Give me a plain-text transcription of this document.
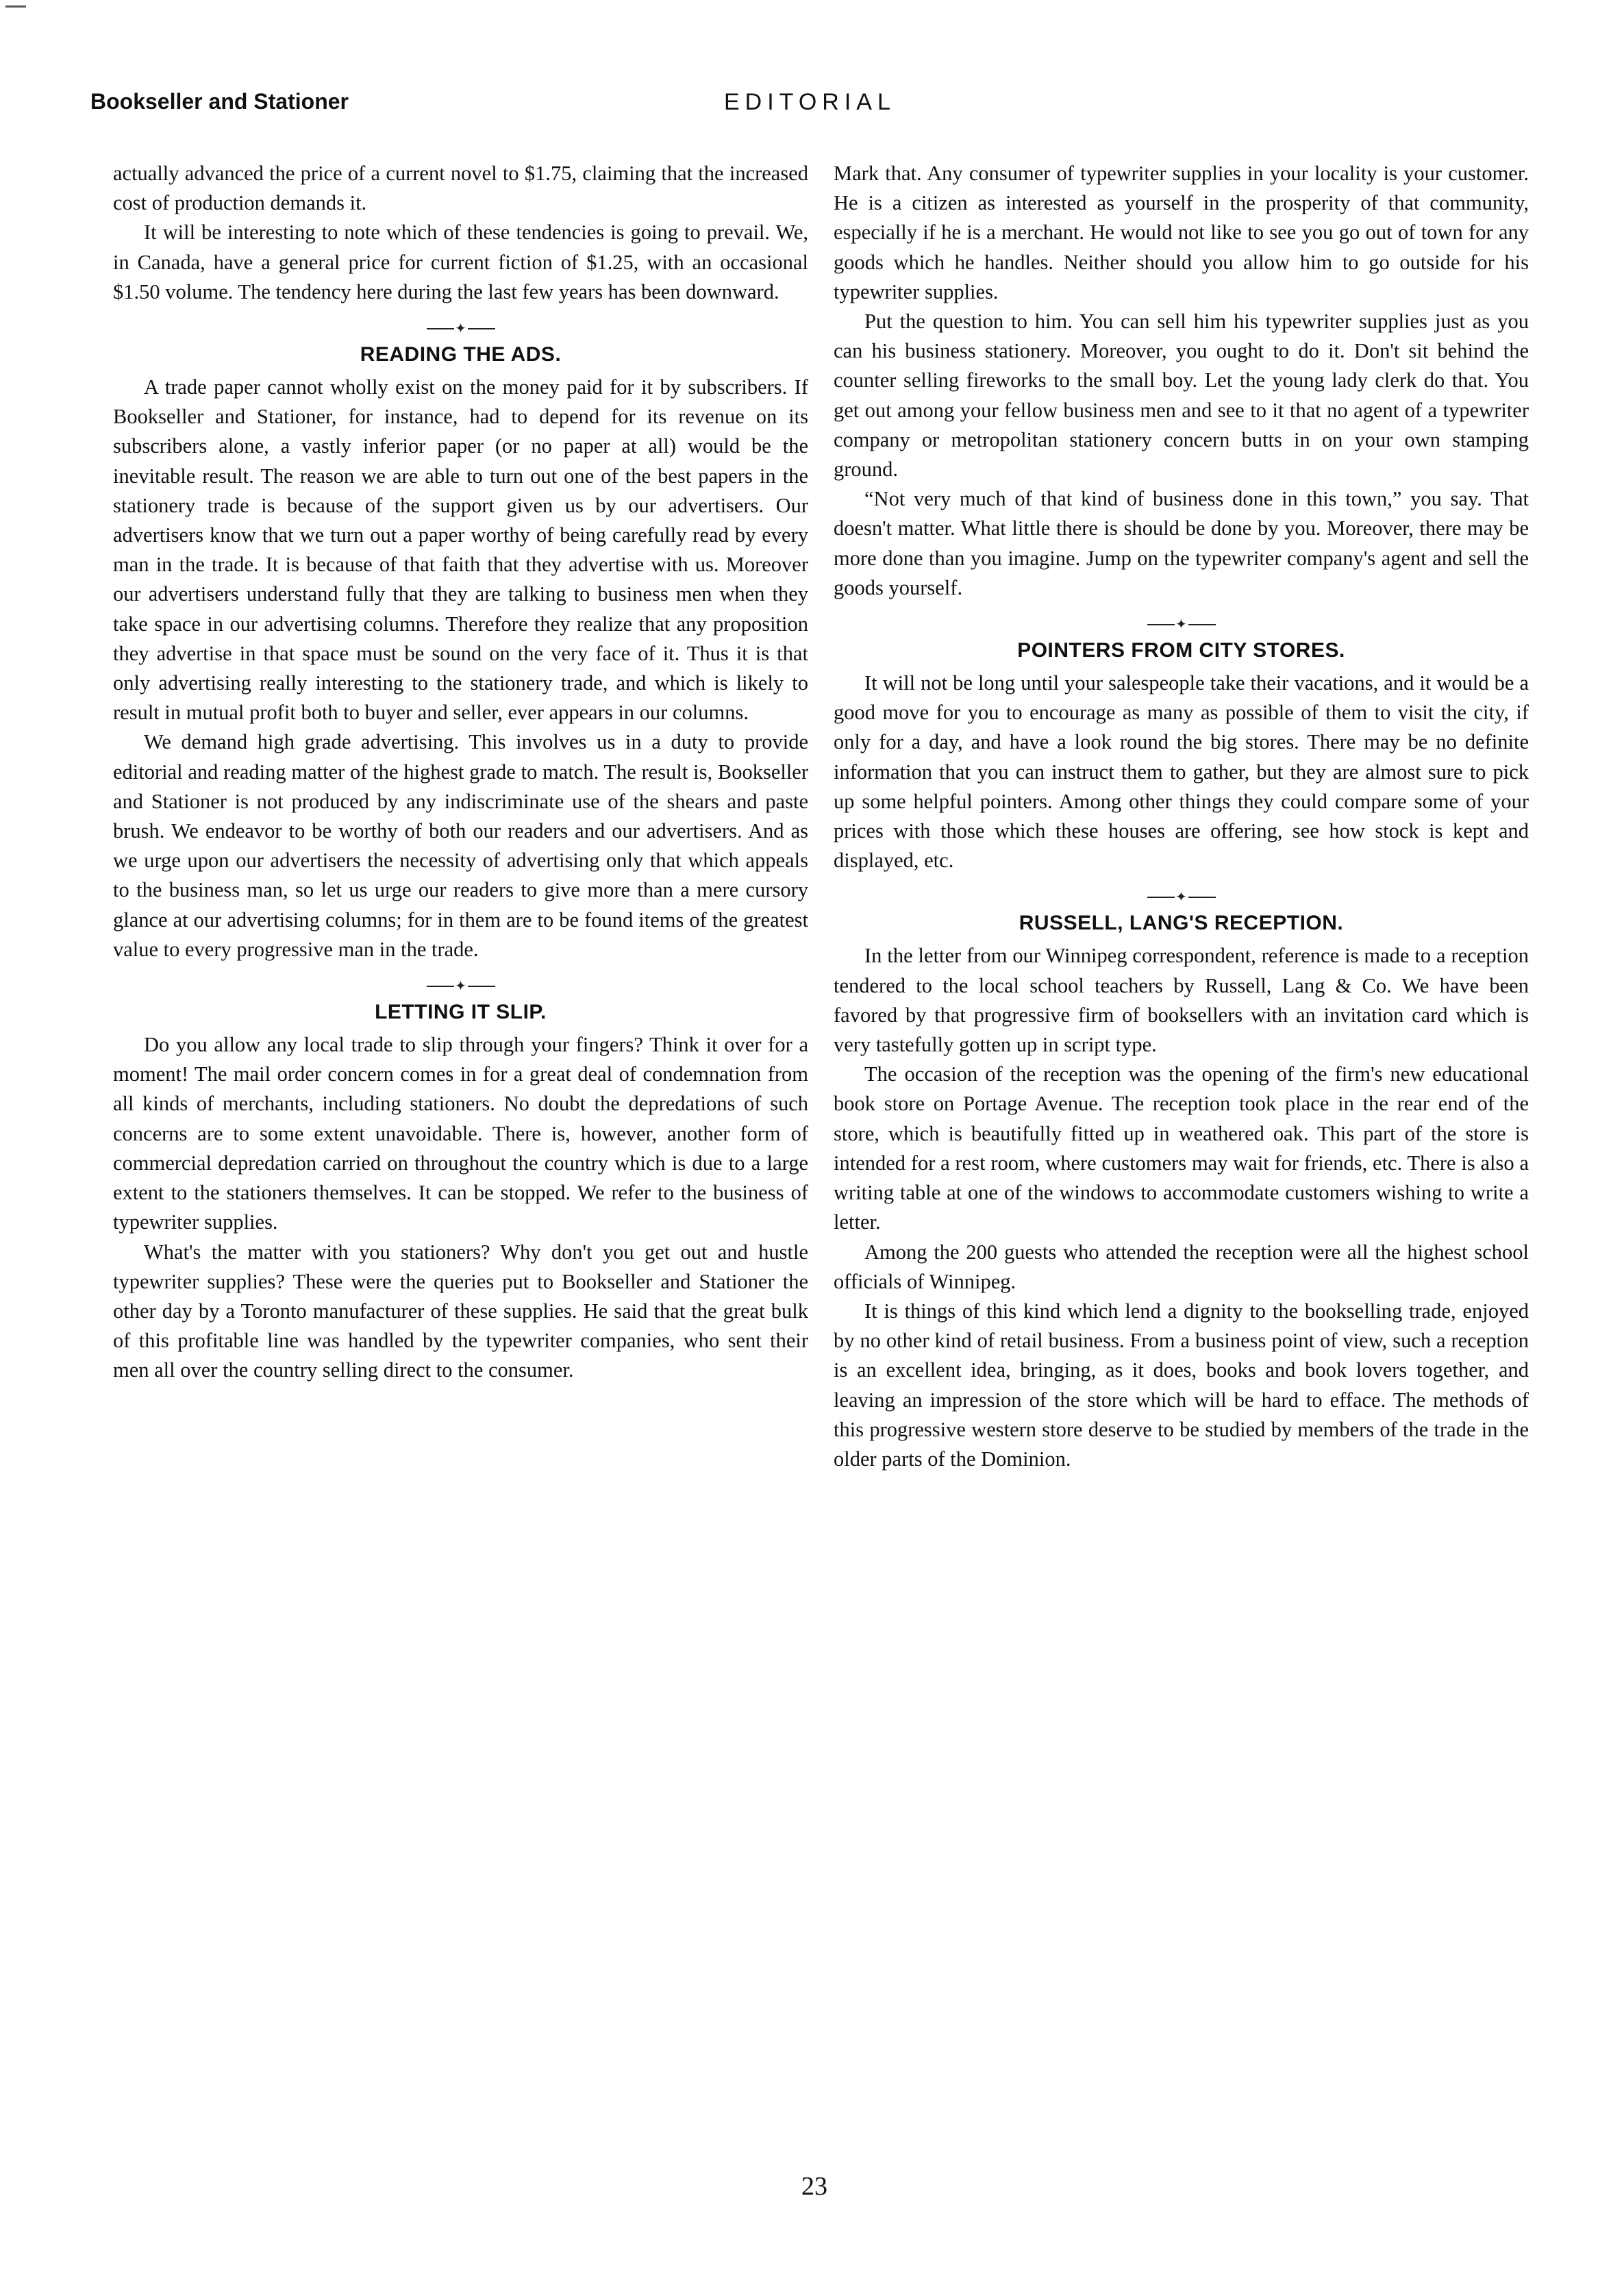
Bookseller and Stationer	EDITORIAL

actually advanced the price of a current novel to $1.75, claiming that the increased cost of production demands it.

It will be interesting to note which of these tendencies is going to prevail. We, in Canada, have a general price for current fiction of $1.25, with an occasional $1.50 volume. The tendency here during the last few years has been downward.

✦
READING THE ADS.

A trade paper cannot wholly exist on the money paid for it by subscribers. If Bookseller and Stationer, for instance, had to depend for its revenue on its subscribers alone, a vastly inferior paper (or no paper at all) would be the inevitable result. The reason we are able to turn out one of the best papers in the stationery trade is because of the support given us by our advertisers. Our advertisers know that we turn out a paper worthy of being carefully read by every man in the trade. It is because of that faith that they advertise with us. Moreover our advertisers understand fully that they are talking to business men when they take space in our advertising columns. Therefore they realize that any proposition they advertise in that space must be sound on the very face of it. Thus it is that only advertising really interesting to the stationery trade, and which is likely to result in mutual profit both to buyer and seller, ever appears in our columns.

We demand high grade advertising. This involves us in a duty to provide editorial and reading matter of the highest grade to match. The result is, Bookseller and Stationer is not produced by any indiscriminate use of the shears and paste brush. We endeavor to be worthy of both our readers and our advertisers. And as we urge upon our advertisers the necessity of advertising only that which appeals to the business man, so let us urge our readers to give more than a mere cursory glance at our advertising columns; for in them are to be found items of the greatest value to every progressive man in the trade.

✦
LETTING IT SLIP.

Do you allow any local trade to slip through your fingers? Think it over for a moment! The mail order concern comes in for a great deal of condemnation from all kinds of merchants, including stationers. No doubt the depredations of such concerns are to some extent unavoidable. There is, however, another form of commercial depredation carried on throughout the country which is due to a large extent to the stationers themselves. It can be stopped. We refer to the business of typewriter supplies.

What's the matter with you stationers? Why don't you get out and hustle typewriter supplies? These were the queries put to Bookseller and Stationer the other day by a Toronto manufacturer of these supplies. He said that the great bulk of this profitable line was handled by the typewriter companies, who sent their men all over the country selling direct to the consumer.

Mark that. Any consumer of typewriter supplies in your locality is your customer. He is a citizen as interested as yourself in the prosperity of that community, especially if he is a merchant. He would not like to see you go out of town for any goods which he handles. Neither should you allow him to go outside for his typewriter supplies.

Put the question to him. You can sell him his typewriter supplies just as you can his business stationery. Moreover, you ought to do it. Don't sit behind the counter selling fireworks to the small boy. Let the young lady clerk do that. You get out among your fellow business men and see to it that no agent of a typewriter company or metropolitan stationery concern butts in on your own stamping ground.

“Not very much of that kind of business done in this town,” you say. That doesn't matter. What little there is should be done by you. Moreover, there may be more done than you imagine. Jump on the typewriter company's agent and sell the goods yourself.

✦
POINTERS FROM CITY STORES.

It will not be long until your salespeople take their vacations, and it would be a good move for you to encourage as many as possible of them to visit the city, if only for a day, and have a look round the big stores. There may be no definite information that you can instruct them to gather, but they are almost sure to pick up some helpful pointers. Among other things they could compare some of your prices with those which these houses are offering, see how stock is kept and displayed, etc.

✦
RUSSELL, LANG'S RECEPTION.

In the letter from our Winnipeg correspondent, reference is made to a reception tendered to the local school teachers by Russell, Lang & Co. We have been favored by that progressive firm of booksellers with an invitation card which is very tastefully gotten up in script type.

The occasion of the reception was the opening of the firm's new educational book store on Portage Avenue. The reception took place in the rear end of the store, which is beautifully fitted up in weathered oak. This part of the store is intended for a rest room, where customers may wait for friends, etc. There is also a writing table at one of the windows to accommodate customers wishing to write a letter.

Among the 200 guests who attended the reception were all the highest school officials of Winnipeg.

It is things of this kind which lend a dignity to the bookselling trade, enjoyed by no other kind of retail business. From a business point of view, such a reception is an excellent idea, bringing, as it does, books and book lovers together, and leaving an impression of the store which will be hard to efface. The methods of this progressive western store deserve to be studied by members of the trade in the older parts of the Dominion.

23
